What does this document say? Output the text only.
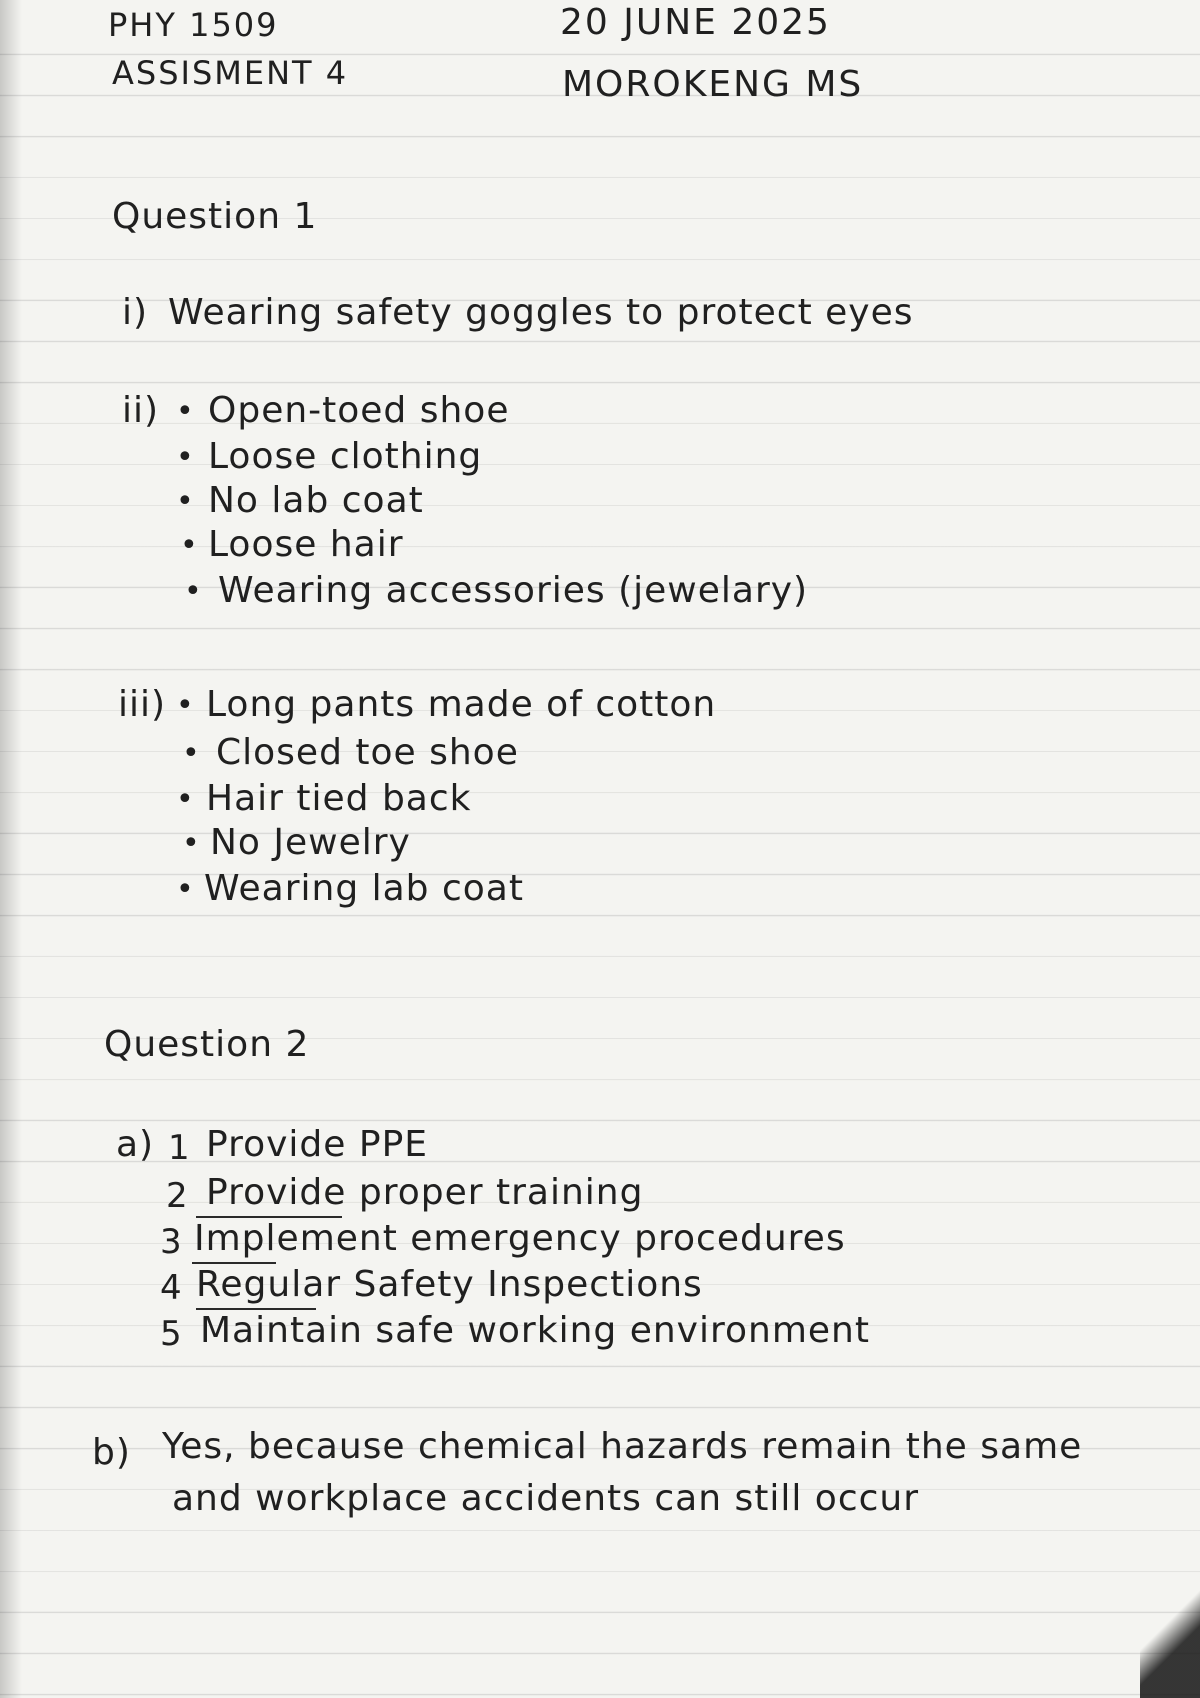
PHY 1509
ASSISMENT 4
20 JUNE 2025
MOROKENG MS
Question 1
i) Wearing safety goggles to protect eyes
ii) • Open-toed shoe
• Loose clothing
• No lab coat
• Loose hair
• Wearing accessories (jewelary)
iii) • Long pants made of cotton
• Closed toe shoe
• Hair tied back
• No Jewelry
• Wearing lab coat
Question 2
a) 1 Provide PPE
2 Provide proper training
3 Implement emergency procedures
4 Regular Safety Inspections
5 Maintain safe working environment
b) Yes, because chemical hazards remain the same
and workplace accidents can still occur
